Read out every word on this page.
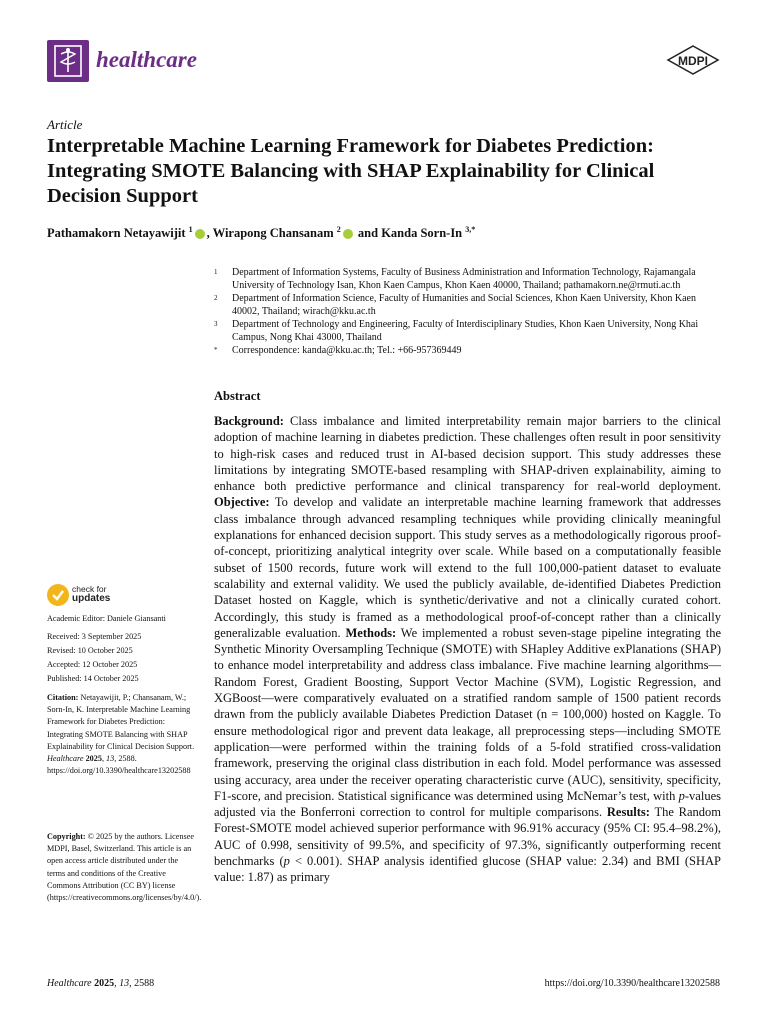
healthcare	MDPI
Article
Interpretable Machine Learning Framework for Diabetes Prediction: Integrating SMOTE Balancing with SHAP Explainability for Clinical Decision Support
Pathamakorn Netayawijit $^1$ , Wirapong Chansanam $^2$ and Kanda Sorn-In $^{3,*}$
1	Department of Information Systems, Faculty of Business Administration and Information Technology, Rajamangala University of Technology Isan, Khon Kaen Campus, Khon Kaen 40000, Thailand; pathamakorn.ne@rmuti.ac.th
2	Department of Information Science, Faculty of Humanities and Social Sciences, Khon Kaen University, Khon Kaen 40002, Thailand; wirach@kku.ac.th
3	Department of Technology and Engineering, Faculty of Interdisciplinary Studies, Khon Kaen University, Nong Khai Campus, Nong Khai 43000, Thailand
*	Correspondence: kanda@kku.ac.th; Tel.: +66-957369449
Abstract
Background: Class imbalance and limited interpretability remain major barriers to the clinical adoption of machine learning in diabetes prediction. These challenges often result in poor sensitivity to high-risk cases and reduced trust in AI-based decision support. This study addresses these limitations by integrating SMOTE-based resampling with SHAP-driven explainability, aiming to enhance both predictive performance and clinical transparency for real-world deployment. Objective: To develop and validate an interpretable machine learning framework that addresses class imbalance through advanced resampling techniques while providing clinically meaningful explanations for enhanced decision support. This study serves as a methodologically rigorous proof-of-concept, prioritizing analytical integrity over scale. While based on a computationally feasible subset of 1500 records, future work will extend to the full 100,000-patient dataset to evaluate scalability and external validity. We used the publicly available, de-identified Diabetes Prediction Dataset hosted on Kaggle, which is synthetic/derivative and not a clinically curated cohort. Accordingly, this study is framed as a methodological proof-of-concept rather than a clinically generalizable evaluation. Methods: We implemented a robust seven-stage pipeline integrating the Synthetic Minority Oversampling Technique (SMOTE) with SHapley Additive exPlanations (SHAP) to enhance model interpretability and address class imbalance. Five machine learning algorithms—Random Forest, Gradient Boosting, Support Vector Machine (SVM), Logistic Regression, and XGBoost—were comparatively evaluated on a stratified random sample of 1500 patient records drawn from the publicly available Diabetes Prediction Dataset (n = 100,000) hosted on Kaggle. To ensure methodological rigor and prevent data leakage, all preprocessing steps—including SMOTE application—were performed within the training folds of a 5-fold stratified cross-validation framework, preserving the original class distribution in each fold. Model performance was assessed using accuracy, area under the receiver operating characteristic curve (AUC), sensitivity, specificity, F1-score, and precision. Statistical significance was determined using McNemar’s test, with p-values adjusted via the Bonferroni correction to control for multiple comparisons. Results: The Random Forest-SMOTE model achieved superior performance with 96.91% accuracy (95% CI: 95.4–98.2%), AUC of 0.998, sensitivity of 99.5%, and specificity of 97.3%, significantly outperforming recent benchmarks (p < 0.001). SHAP analysis identified glucose (SHAP value: 2.34) and BMI (SHAP value: 1.87) as primary
check for
updates
Academic Editor: Daniele Giansanti
Received: 3 September 2025
Revised: 10 October 2025
Accepted: 12 October 2025
Published: 14 October 2025
Citation: Netayawijit, P.; Chansanam, W.; Sorn-In, K. Interpretable Machine Learning Framework for Diabetes Prediction: Integrating SMOTE Balancing with SHAP Explainability for Clinical Decision Support. Healthcare 2025, 13, 2588. https://doi.org/10.3390/healthcare13202588
Copyright: © 2025 by the authors. Licensee MDPI, Basel, Switzerland. This article is an open access article distributed under the terms and conditions of the Creative Commons Attribution (CC BY) license (https://creativecommons.org/licenses/by/4.0/).
Healthcare 2025, 13, 2588	https://doi.org/10.3390/healthcare13202588
